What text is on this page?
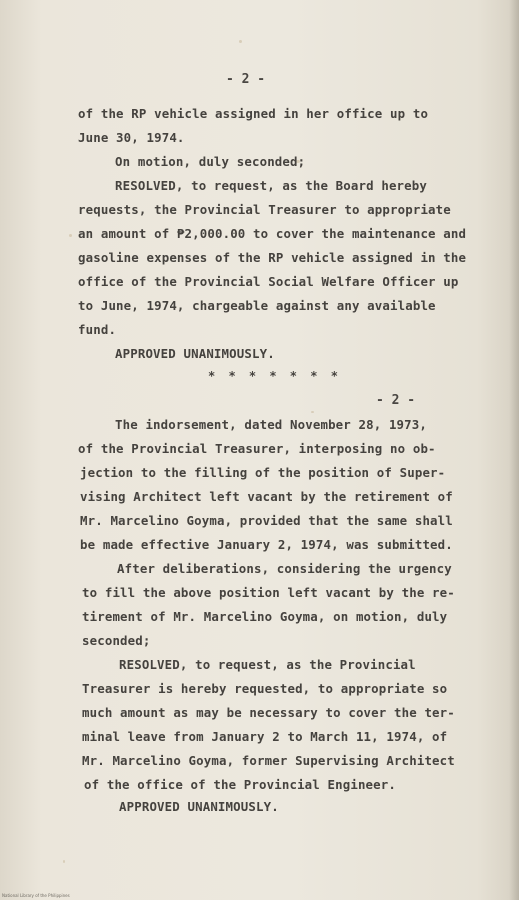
- 2 -
of the RP vehicle assigned in her office up to
June 30, 1974.
On motion, duly seconded;
RESOLVED, to request, as the Board hereby
requests, the Provincial Treasurer to appropriate
an amount of ₱2,000.00 to cover the maintenance and
gasoline expenses of the RP vehicle assigned in the
office of the Provincial Social Welfare Officer up
to June, 1974, chargeable against any available
fund.
APPROVED UNANIMOUSLY.
* * * * * * *
- 2 -
The indorsement, dated November 28, 1973,
of the Provincial Treasurer, interposing no ob-
jection to the filling of the position of Super-
vising Architect left vacant by the retirement of
Mr. Marcelino Goyma, provided that the same shall
be made effective January 2, 1974, was submitted.
After deliberations, considering the urgency
to fill the above position left vacant by the re-
tirement of Mr. Marcelino Goyma, on motion, duly
seconded;
RESOLVED, to request, as the Provincial
Treasurer is hereby requested, to appropriate so
much amount as may be necessary to cover the ter-
minal leave from January 2 to March 11, 1974, of
Mr. Marcelino Goyma, former Supervising Architect
of the office of the Provincial Engineer.
APPROVED UNANIMOUSLY.
National Library of the Philippines
